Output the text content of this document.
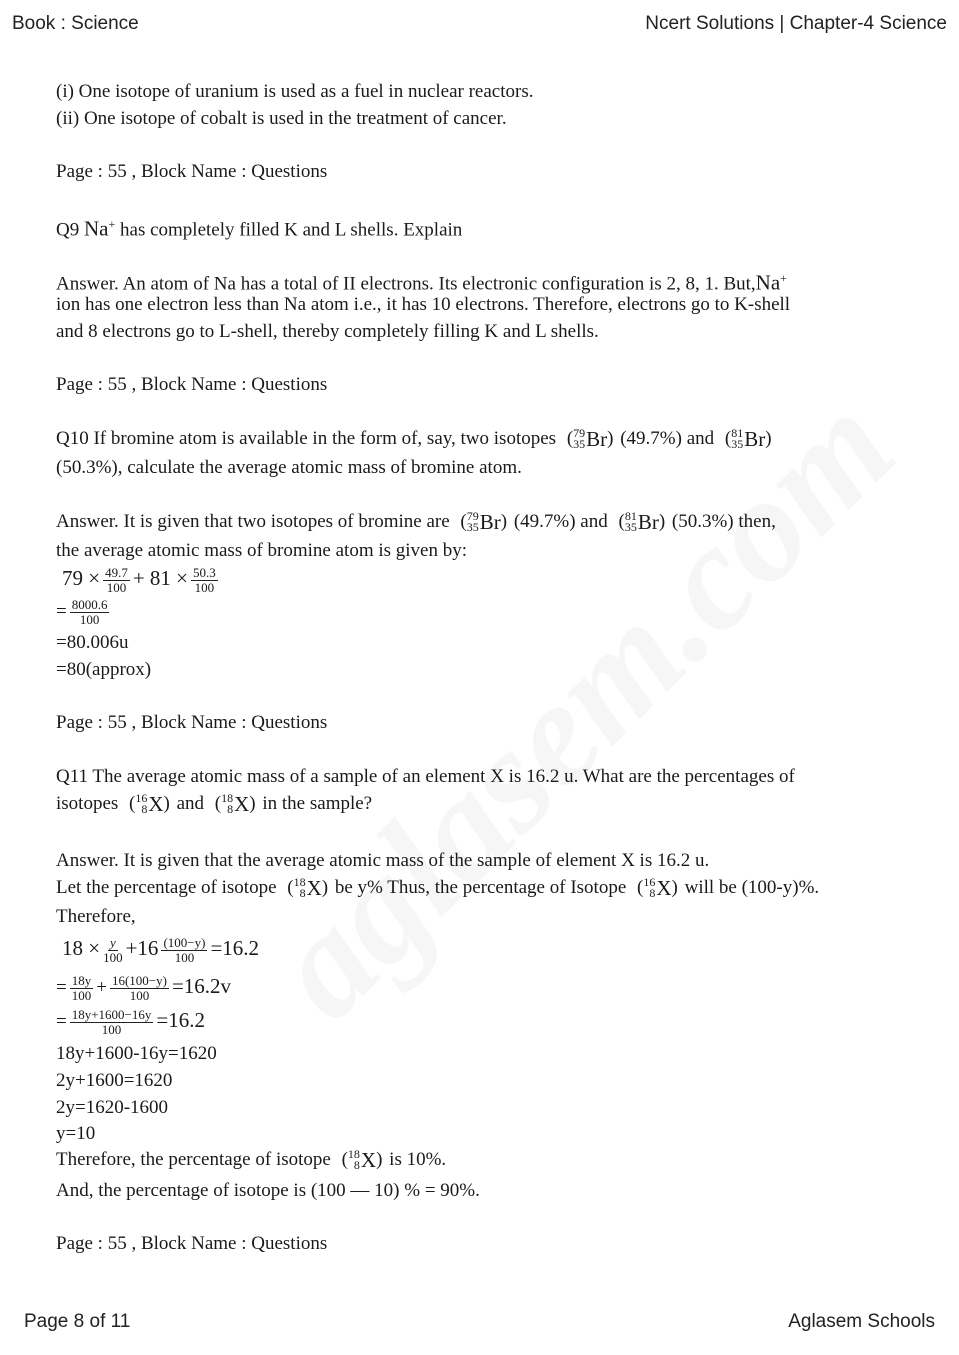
Book : Science	Ncert Solutions | Chapter-4 Science
(i) One isotope of uranium is used as a fuel in nuclear reactors.
(ii) One isotope of cobalt is used in the treatment of cancer.
Page : 55 , Block Name : Questions
Q9 Na+ has completely filled K and L shells. Explain
Answer. An atom of Na has a total of II electrons. Its electronic configuration is 2, 8, 1. But,Na+
ion has one electron less than Na atom i.e., it has 10 electrons. Therefore, electrons go to K-shell
and 8 electrons go to L-shell, thereby completely filling K and L shells.
Page : 55 , Block Name : Questions
Q10 If bromine atom is available in the form of, say, two isotopes ( 79
35 Br ) (49.7%) and ( 81
35 Br )
(50.3%), calculate the average atomic mass of bromine atom.
Answer. It is given that two isotopes of bromine are ( 79
35 Br ) (49.7%) and ( 81
35 Br ) (50.3%) then,
the average atomic mass of bromine atom is given by:
$79 \times \frac{49.7}{100} + 81 \times \frac{50.3}{100}$
= $\frac{8000.6}{100}$
=80.006u
=80(approx)
Page : 55 , Block Name : Questions
Q11 The average atomic mass of a sample of an element X is 16.2 u. What are the percentages of
isotopes ( 16
8 X ) and ( 18
8 X ) in the sample?
Answer. It is given that the average atomic mass of the sample of element X is 16.2 u.
Let the percentage of isotope ( 18
8 X ) be y% Thus, the percentage of Isotope ( 16
8 X ) will be (100-y)%.
Therefore,
$18 \times \frac{y}{100} +16 \frac{(100-y)}{100} =16.2$
= $\frac{18y}{100} + \frac{16(100-y)}{100} =16.2v$
= $\frac{18y+1600-16y}{100} =16.2$
18y+1600-16y=1620
2y+1600=1620
2y=1620-1600
y=10
Therefore, the percentage of isotope ( 18
8 X ) is 10%.
And, the percentage of isotope is (100 — 10) % = 90%.
Page : 55 , Block Name : Questions
Page 8 of 11	Aglasem Schools
